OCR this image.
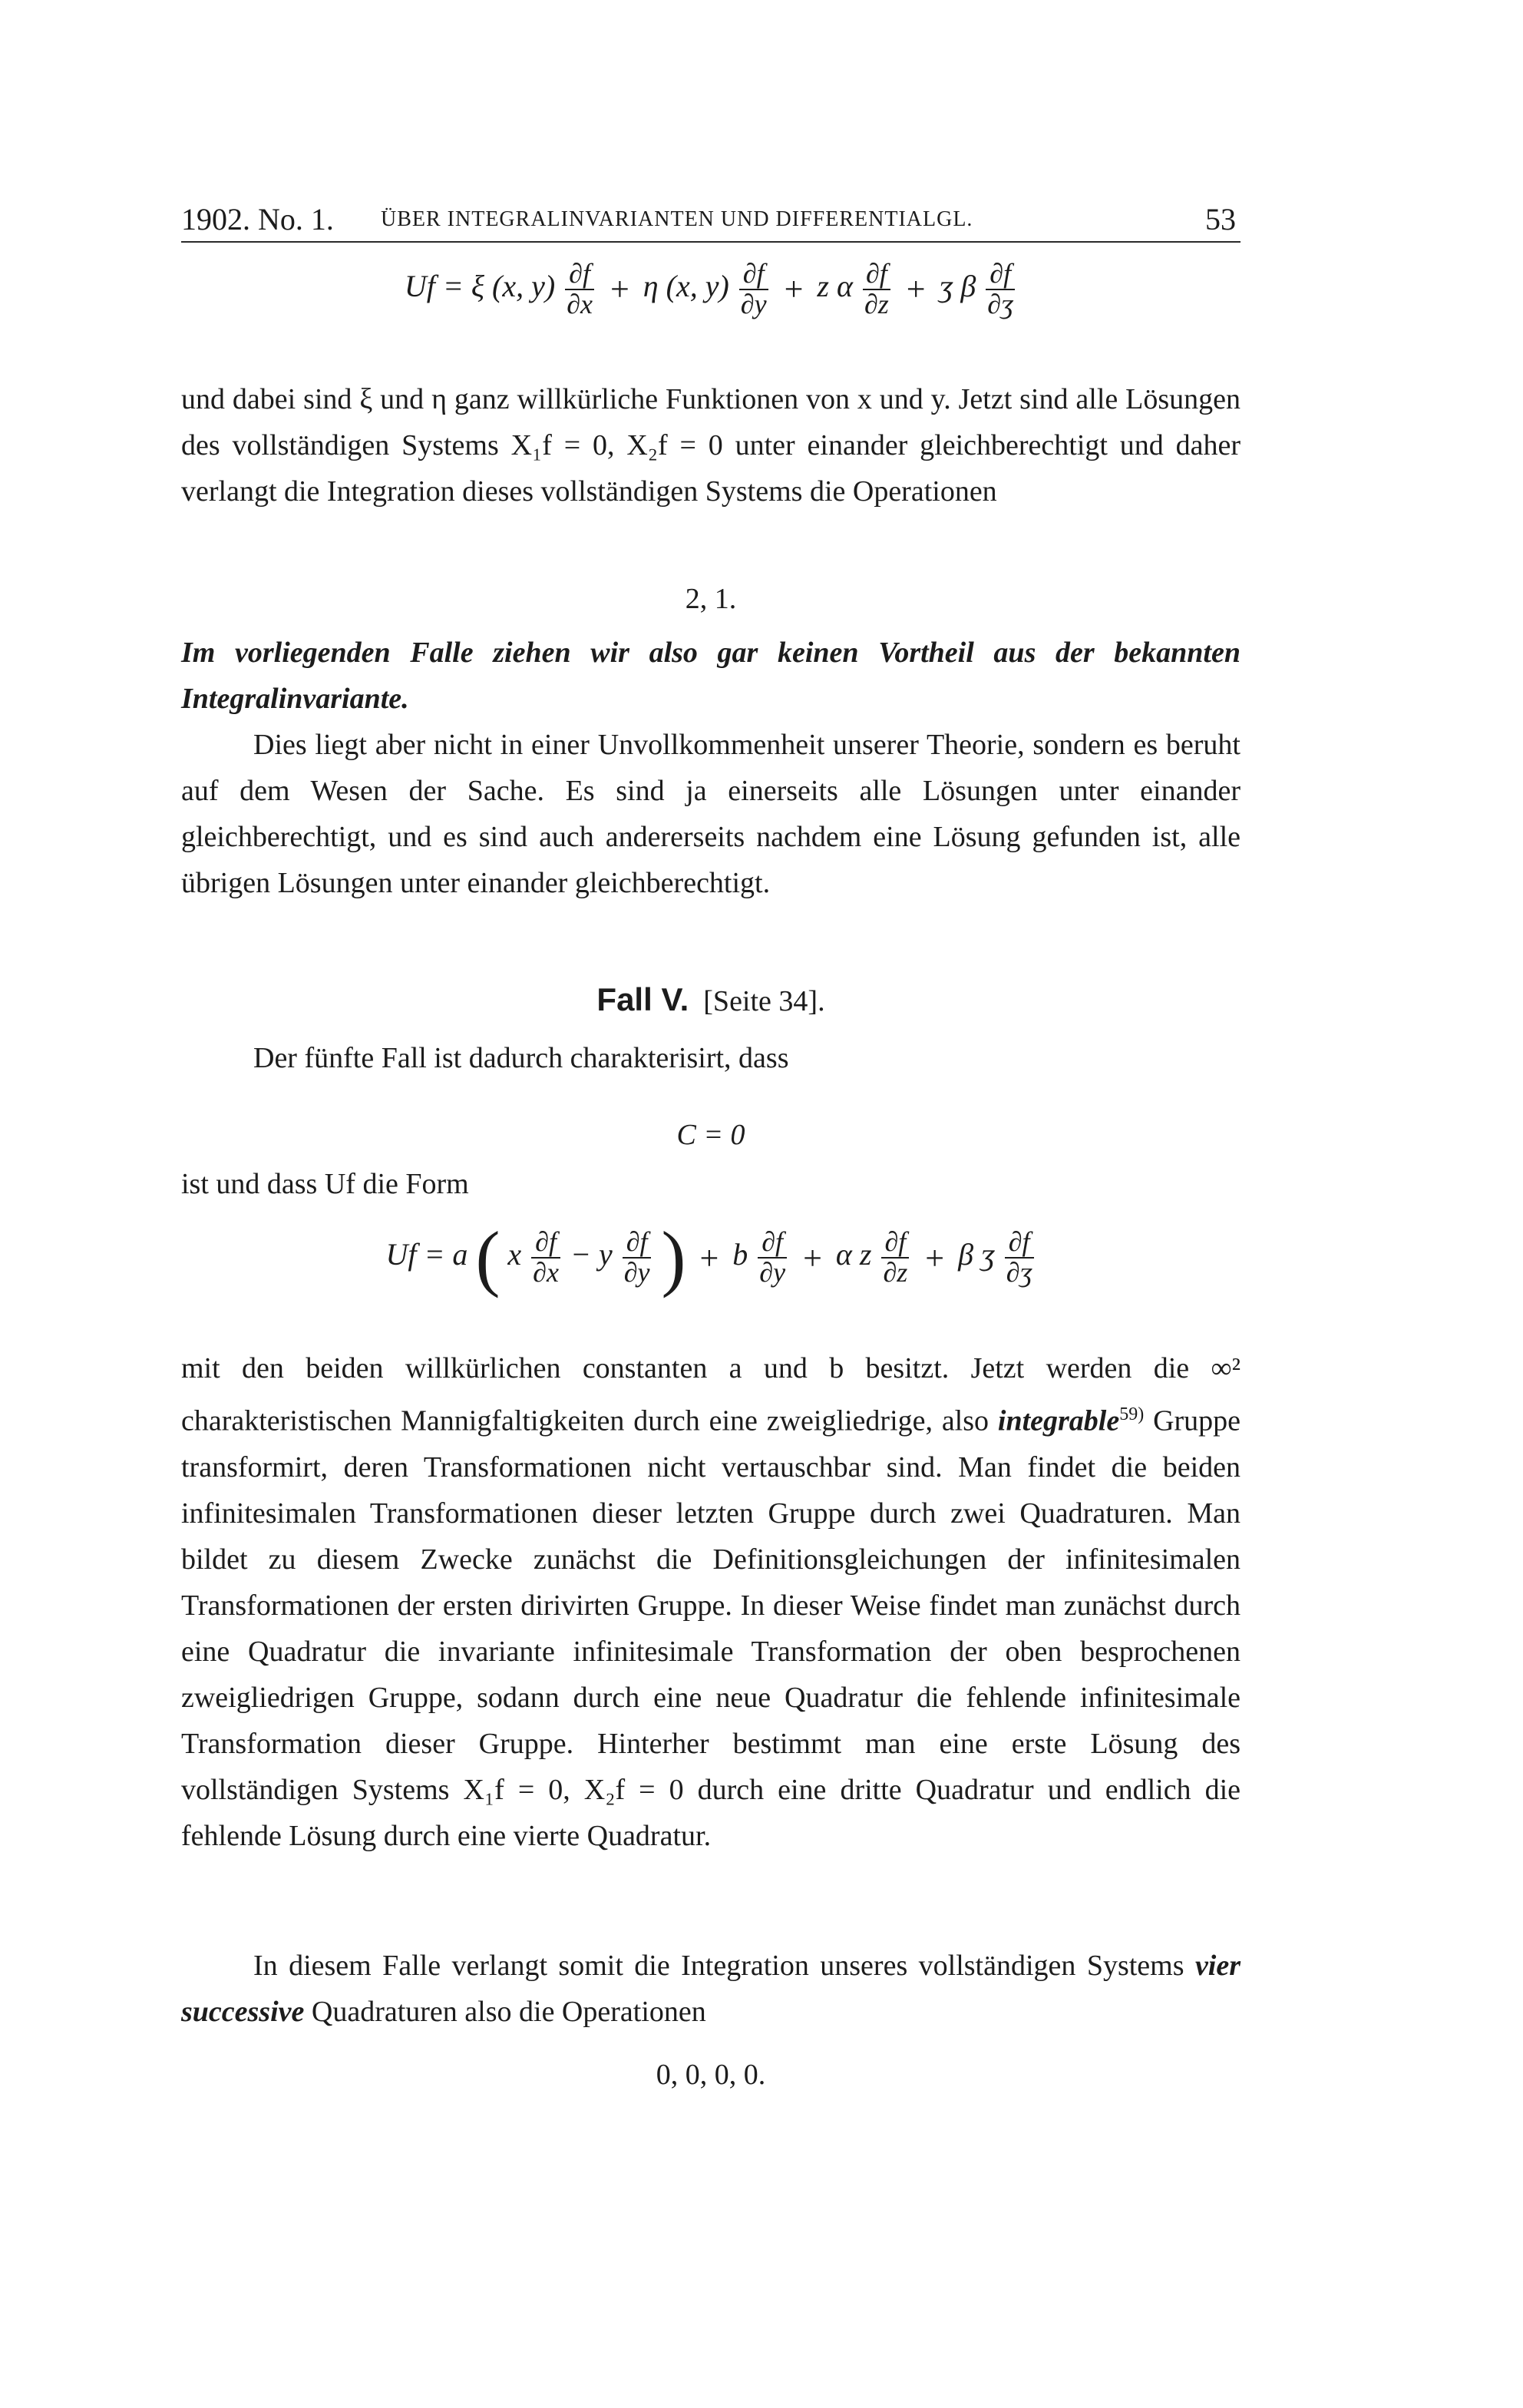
1902. No. 1. ÜBER INTEGRALINVARIANTEN UND DIFFERENTIALGL.	53
Uf = ξ (x, $y) \frac{\partial f}{\partial x} + \eta$ (x, $y) \frac{\partial f}{\partial y} + z$ α $\frac{\partial f}{\partial z}$ + ʒ β $\frac{\partial f}{\text{∂ʒ}}$

und dabei sind ξ und η ganz willkürliche Funktionen von x und y. Jetzt sind alle Lösungen des vollständigen Systems X₁f = 0, X₂f = 0 unter einander gleichberechtigt und daher verlangt die Integration dieses vollständigen Systems die Operationen

2, 1.

Im vorliegenden Falle ziehen wir also gar keinen Vortheil aus der bekannten Integralinvariante.

Dies liegt aber nicht in einer Unvollkommenheit unserer Theorie, sondern es beruht auf dem Wesen der Sache. Es sind ja einerseits alle Lösungen unter einander gleichberechtigt, und es sind auch andererseits nachdem eine Lösung gefunden ist, alle übrigen Lösungen unter einander gleichberechtigt.

Fall V. [Seite 34].

Der fünfte Fall ist dadurch charakterisirt, dass

C = 0

ist und dass Uf die Form

Uf = a ( x $\frac{\partial f}{\partial x} - y \frac{\partial f}{\partial y}$ ) + b $\frac{\partial f}{\partial y} + \alpha$ z $\frac{\partial f}{\partial z} + \beta$ ʒ $\frac{\partial f}{\text{∂ʒ}}$

mit den beiden willkürlichen constanten a und b besitzt. Jetzt werden die ∞² charakteristischen Mannigfaltigkeiten durch eine zweigliedrige, also integrable$^{59)}$ Gruppe transformirt, deren Transformationen nicht vertauschbar sind. Man findet die beiden infinitesimalen Transformationen dieser letzten Gruppe durch zwei Quadraturen. Man bildet zu diesem Zwecke zunächst die Definitionsgleichungen der infinitesimalen Transformationen der ersten dirivirten Gruppe. In dieser Weise findet man zunächst durch eine Quadratur die invariante infinitesimale Transformation der oben besprochenen zweigliedrigen Gruppe, sodann durch eine neue Quadratur die fehlende infinitesimale Transformation dieser Gruppe. Hinterher bestimmt man eine erste Lösung des vollständigen Systems X₁f = 0, X₂f = 0 durch eine dritte Quadratur und endlich die fehlende Lösung durch eine vierte Quadratur.

In diesem Falle verlangt somit die Integration unseres vollständigen Systems vier successive Quadraturen also die Operationen

0, 0, 0, 0.
